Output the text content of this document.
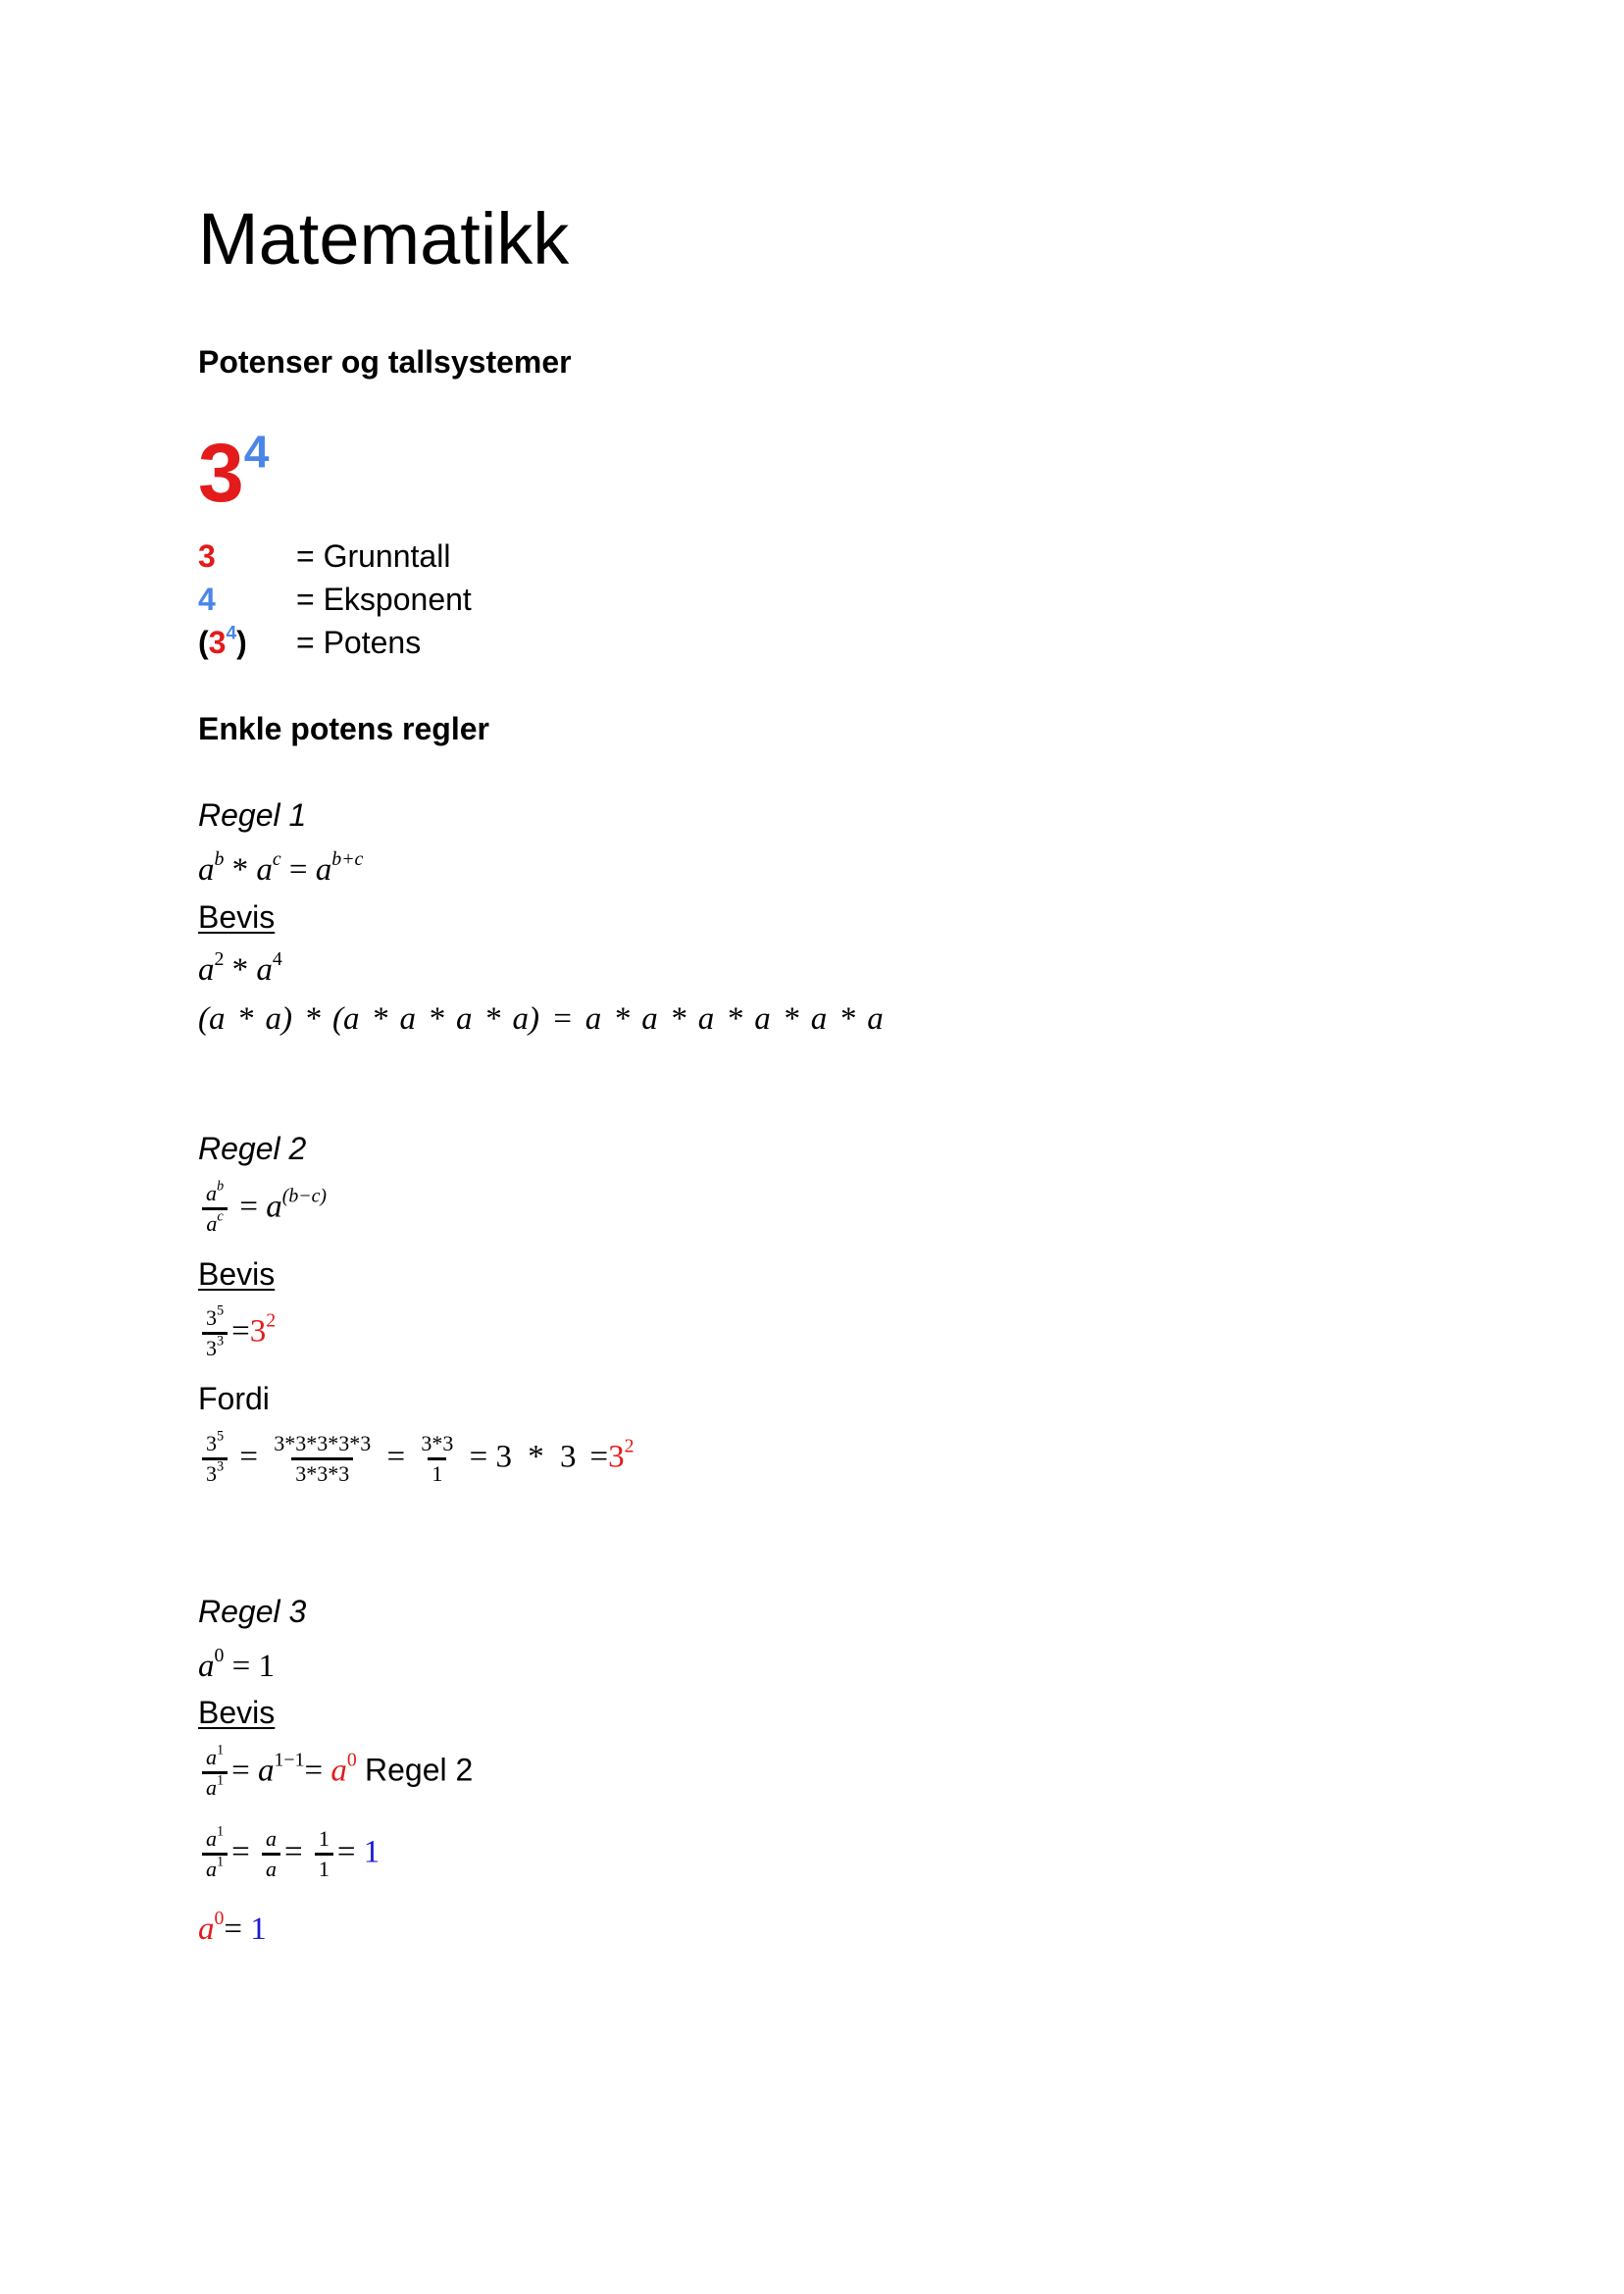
Matematikk
Potenser og tallsystemer
$3^4$
3	= Grunntall
4	= Eksponent
$(3^4)$ = Potens
Enkle potens regler
Regel 1
$a^b * a^c = a^{b+c}$
Bevis
$a^2 * a^4$
(a * a) * (a * a * a * a) = a * a * a * a * a * a
Regel 2
$\frac{a^b}{a^c} = a^{(b-c)}$
Bevis
$\frac{3^5}{3^3} =3^2$
Fordi
$\frac{3^5}{3^3} = \frac{3*3*3*3*3}{3*3*3} = \frac{3*3}{1} = 3 * 3 =3^2$
Regel 3
$a^0 = 1$
Bevis
$\frac{a^1}{a^1} = a^{1-1}= a^0$ Regel 2
$\frac{a^1}{a^1} = \frac{a}{a} = \frac{1}{1} = 1$
$a^0= 1$
